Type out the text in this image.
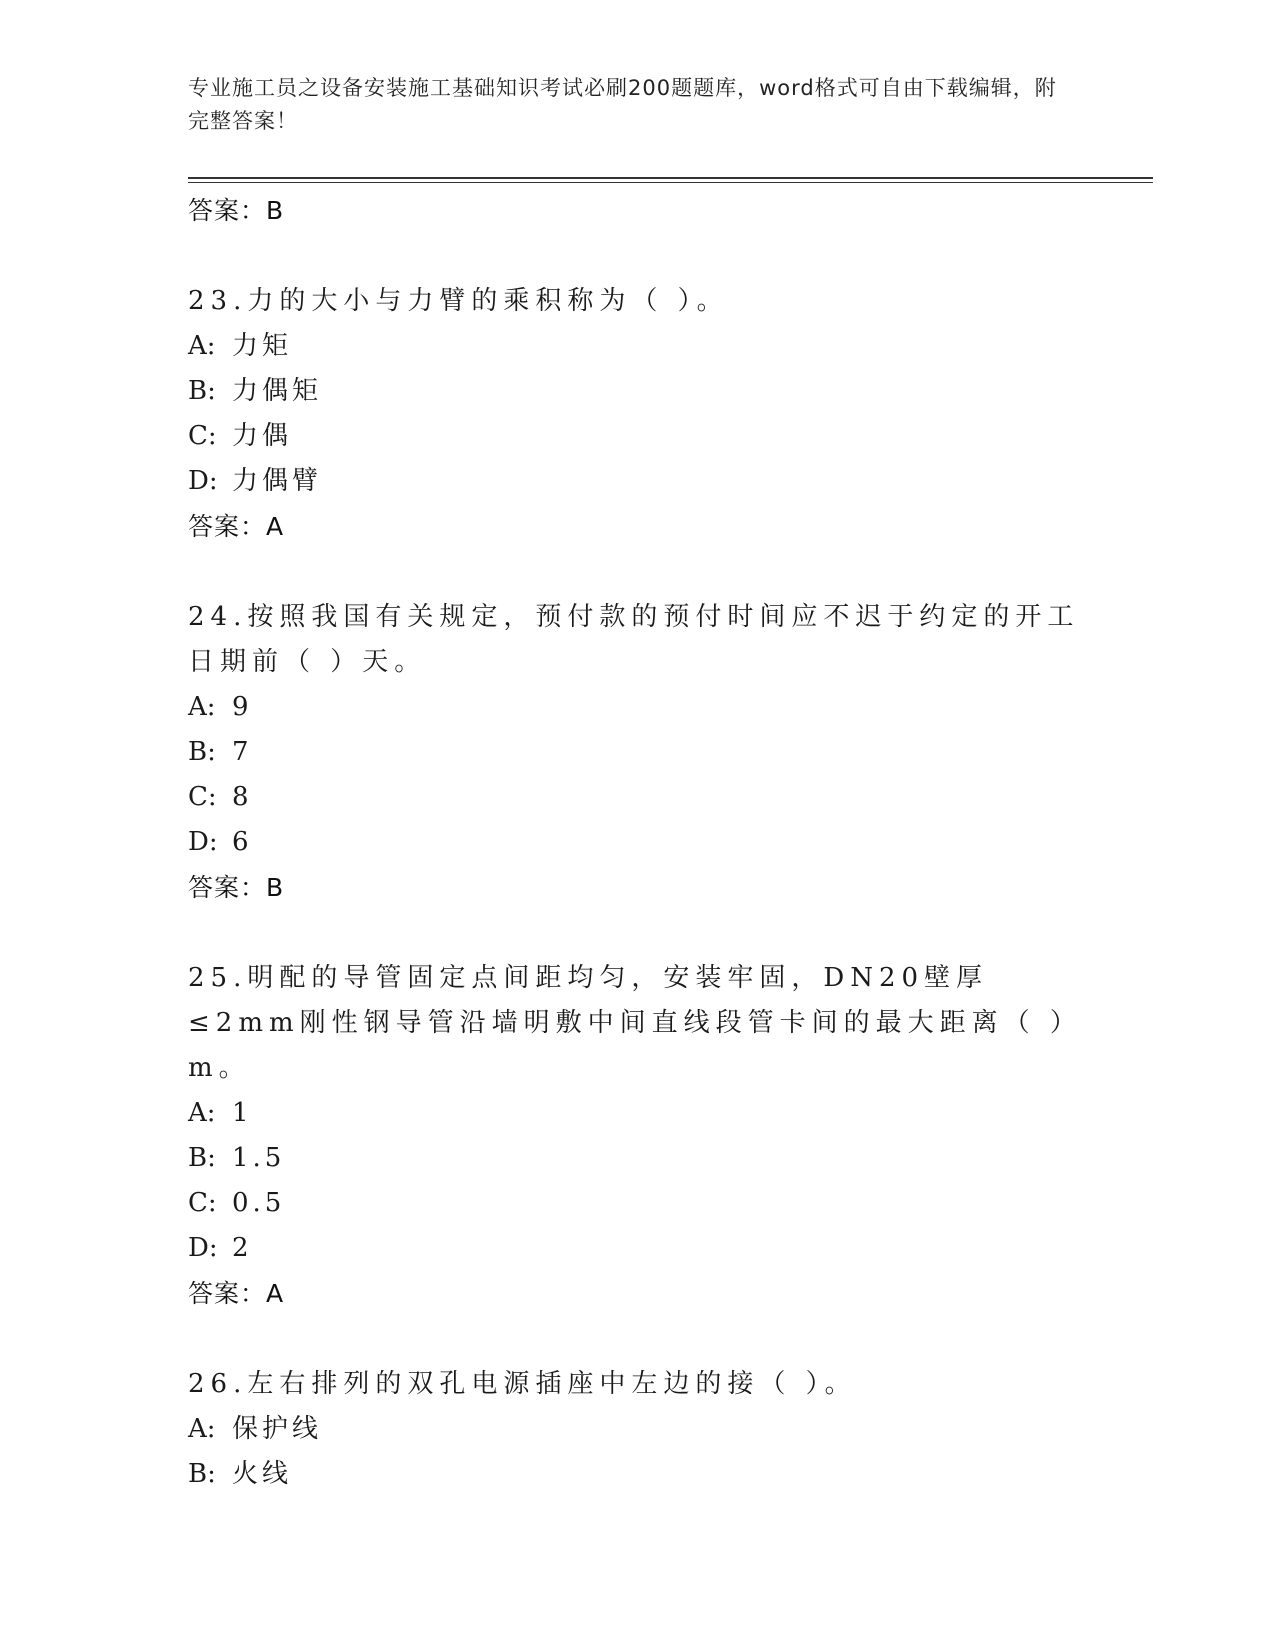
专业施工员之设备安装施工基础知识考试必刷200题题库，word格式可自由下载编辑，附完整答案！
答案：B
23.力的大小与力臂的乘积称为（ ）。
A: 力矩
B: 力偶矩
C: 力偶
D: 力偶臂
答案：A
24.按照我国有关规定，预付款的预付时间应不迟于约定的开工日期前（ ）天。
A: 9
B: 7
C: 8
D: 6
答案：B
25.明配的导管固定点间距均匀，安装牢固，DN20壁厚≤2mm刚性钢导管沿墙明敷中间直线段管卡间的最大距离（ ）m。
A: 1
B: 1.5
C: 0.5
D: 2
答案：A
26.左右排列的双孔电源插座中左边的接（ ）。
A: 保护线
B: 火线
